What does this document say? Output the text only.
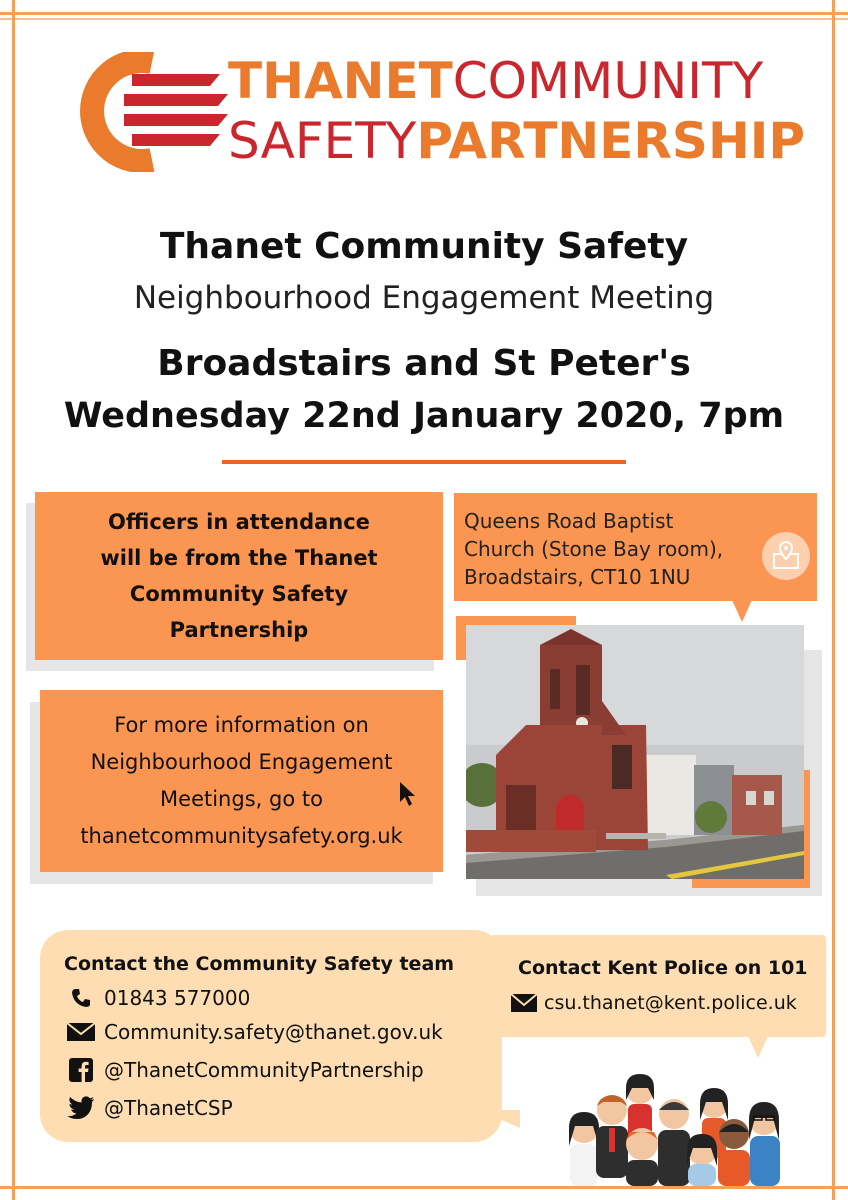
THANETCOMMUNITY
SAFETYPARTNERSHIP
Thanet Community Safety
Neighbourhood Engagement Meeting
Broadstairs and St Peter's
Wednesday 22nd January 2020, 7pm
Officers in attendance
will be from the Thanet
Community Safety
Partnership
For more information on
Neighbourhood Engagement
Meetings, go to
thanetcommunitysafety.org.uk
Queens Road Baptist
Church (Stone Bay room),
Broadstairs, CT10 1NU
Contact the Community Safety team
01843 577000
Community.safety@thanet.gov.uk
@ThanetCommunityPartnership
@ThanetCSP
Contact Kent Police on 101
csu.thanet@kent.police.uk
